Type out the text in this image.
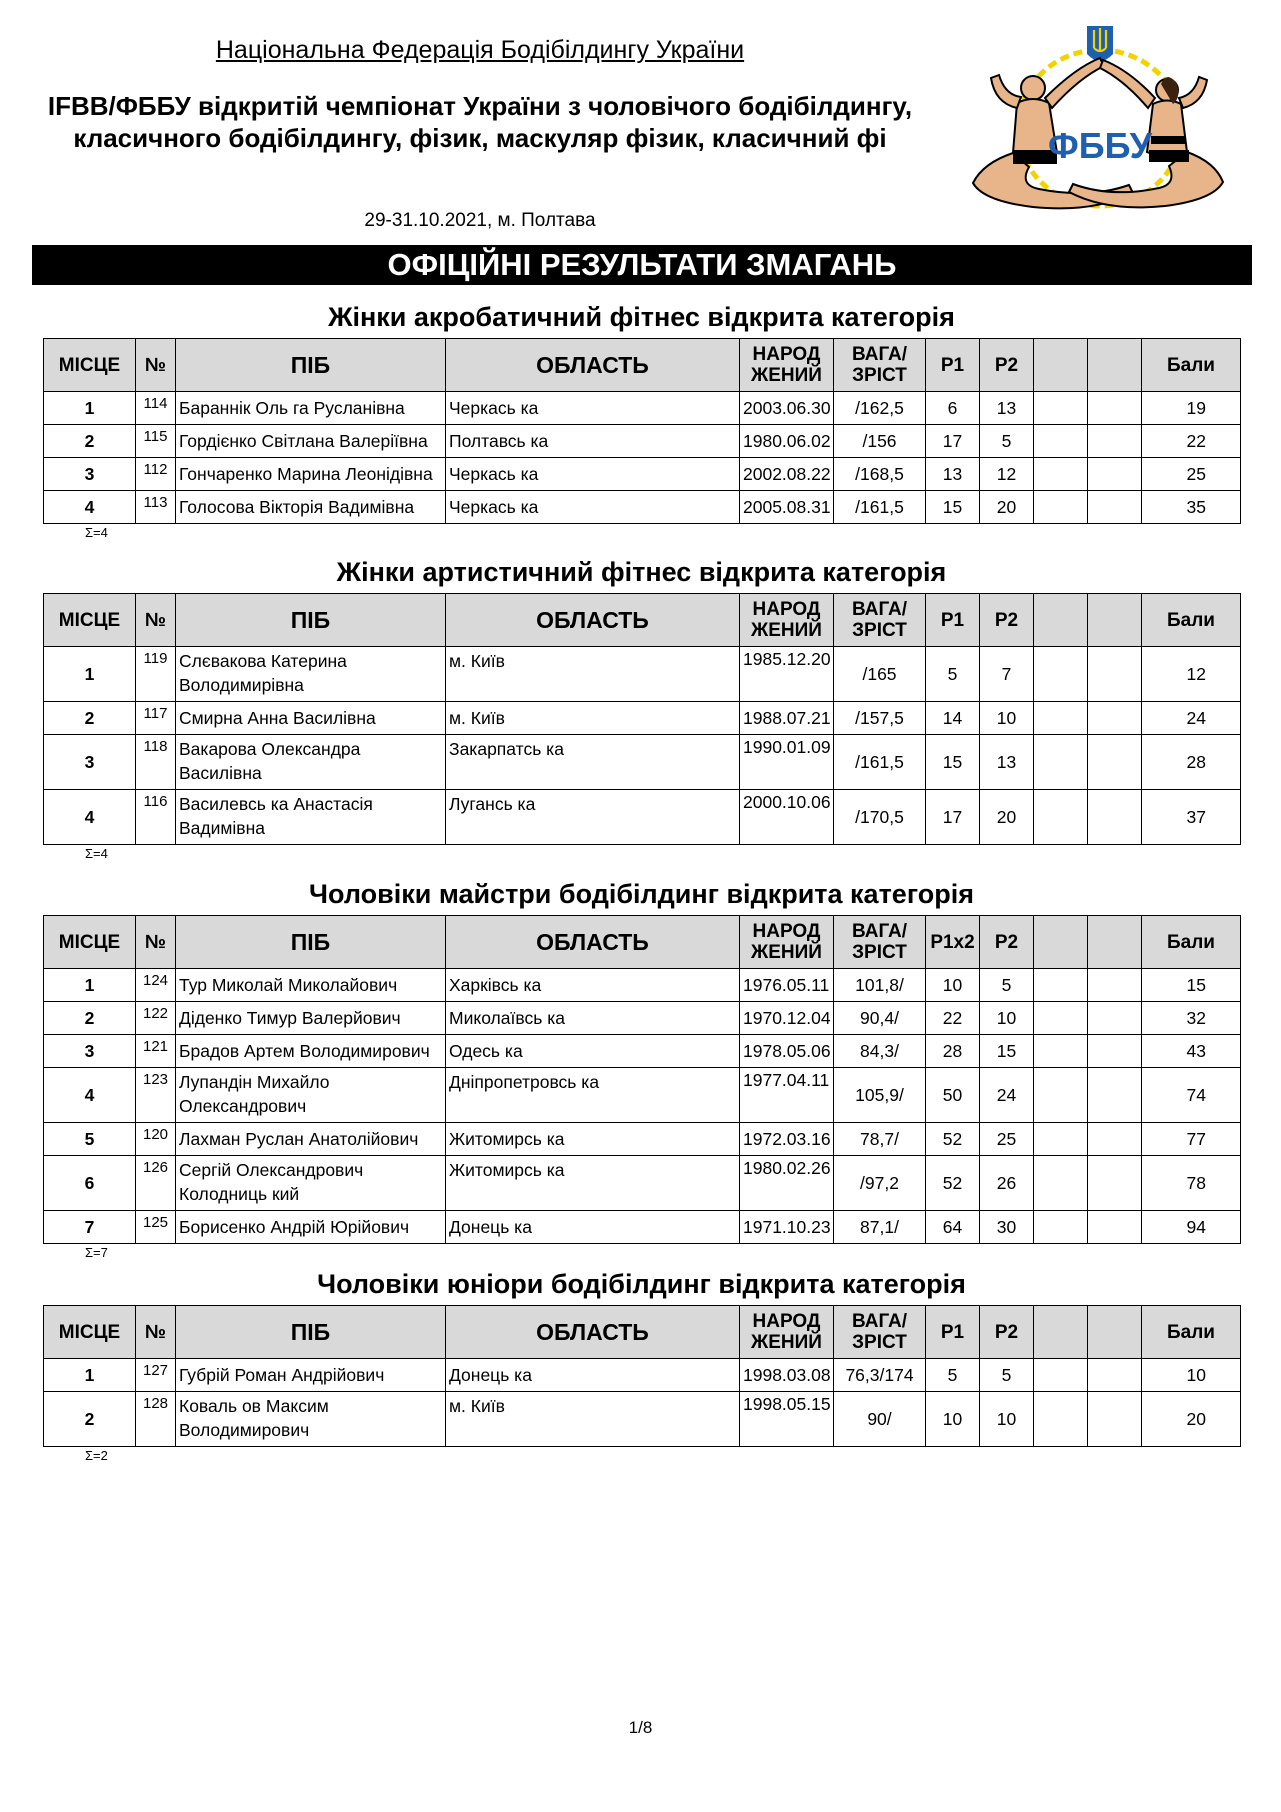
Національна Федерація Бодібілдингу України
IFBB/ФББУ відкритій чемпіонат України з чоловічого бодібілдингу, класичного бодібілдингу, фізик, маскуляр фізик, класичний фі
29-31.10.2021, м. Полтава
ФББУ
ОФІЦІЙНІ РЕЗУЛЬТАТИ ЗМАГАНЬ
Жінки акробатичний фітнес відкрита категорія
МІСЦЕ	№	ПІБ	ОБЛАСТЬ	НАРОД ЖЕНИЙ	ВАГА/ ЗРІСТ	Р1	Р2			Бали
1	114	Бараннік Оль га Русланівна	Черкась ка	2003.06.30	/162,5	6	13			19
2	115	Гордієнко Світлана Валеріївна	Полтавсь ка	1980.06.02	/156	17	5			22
3	112	Гончаренко Марина Леонідівна	Черкась ка	2002.08.22	/168,5	13	12			25
4	113	Голосова Вікторія Вадимівна	Черкась ка	2005.08.31	/161,5	15	20			35
Σ=4
Жінки артистичний фітнес відкрита категорія
МІСЦЕ	№	ПІБ	ОБЛАСТЬ	НАРОД ЖЕНИЙ	ВАГА/ ЗРІСТ	Р1	Р2			Бали
1	119	Слєвакова Катерина Володимирівна	м. Київ	1985.12.20	/165	5	7			12
2	117	Смирна Анна Василівна	м. Київ	1988.07.21	/157,5	14	10			24
3	118	Вакарова Олександра Василівна	Закарпатсь ка	1990.01.09	/161,5	15	13			28
4	116	Василевсь ка Анастасія Вадимівна	Лугансь ка	2000.10.06	/170,5	17	20			37
Σ=4
Чоловіки майстри бодібілдинг відкрита категорія
МІСЦЕ	№	ПІБ	ОБЛАСТЬ	НАРОД ЖЕНИЙ	ВАГА/ ЗРІСТ	Р1х2	Р2			Бали
1	124	Тур Миколай Миколайович	Харківсь ка	1976.05.11	101,8/	10	5			15
2	122	Діденко Тимур Валерйович	Миколаївсь ка	1970.12.04	90,4/	22	10			32
3	121	Брадов Артем Володимирович	Одесь ка	1978.05.06	84,3/	28	15			43
4	123	Лупандін Михайло Олександрович	Дніпропетровсь ка	1977.04.11	105,9/	50	24			74
5	120	Лахман Руслан Анатолійович	Житомирсь ка	1972.03.16	78,7/	52	25			77
6	126	Сергій Олександрович Колодниць кий	Житомирсь ка	1980.02.26	/97,2	52	26			78
7	125	Борисенко Андрій Юрійович	Донець ка	1971.10.23	87,1/	64	30			94
Σ=7
Чоловіки юніори бодібілдинг відкрита категорія
МІСЦЕ	№	ПІБ	ОБЛАСТЬ	НАРОД ЖЕНИЙ	ВАГА/ ЗРІСТ	Р1	Р2			Бали
1	127	Губрій Роман Андрійович	Донець ка	1998.03.08	76,3/174	5	5			10
2	128	Коваль ов Максим Володимирович	м. Київ	1998.05.15	90/	10	10			20
Σ=2
1/8
